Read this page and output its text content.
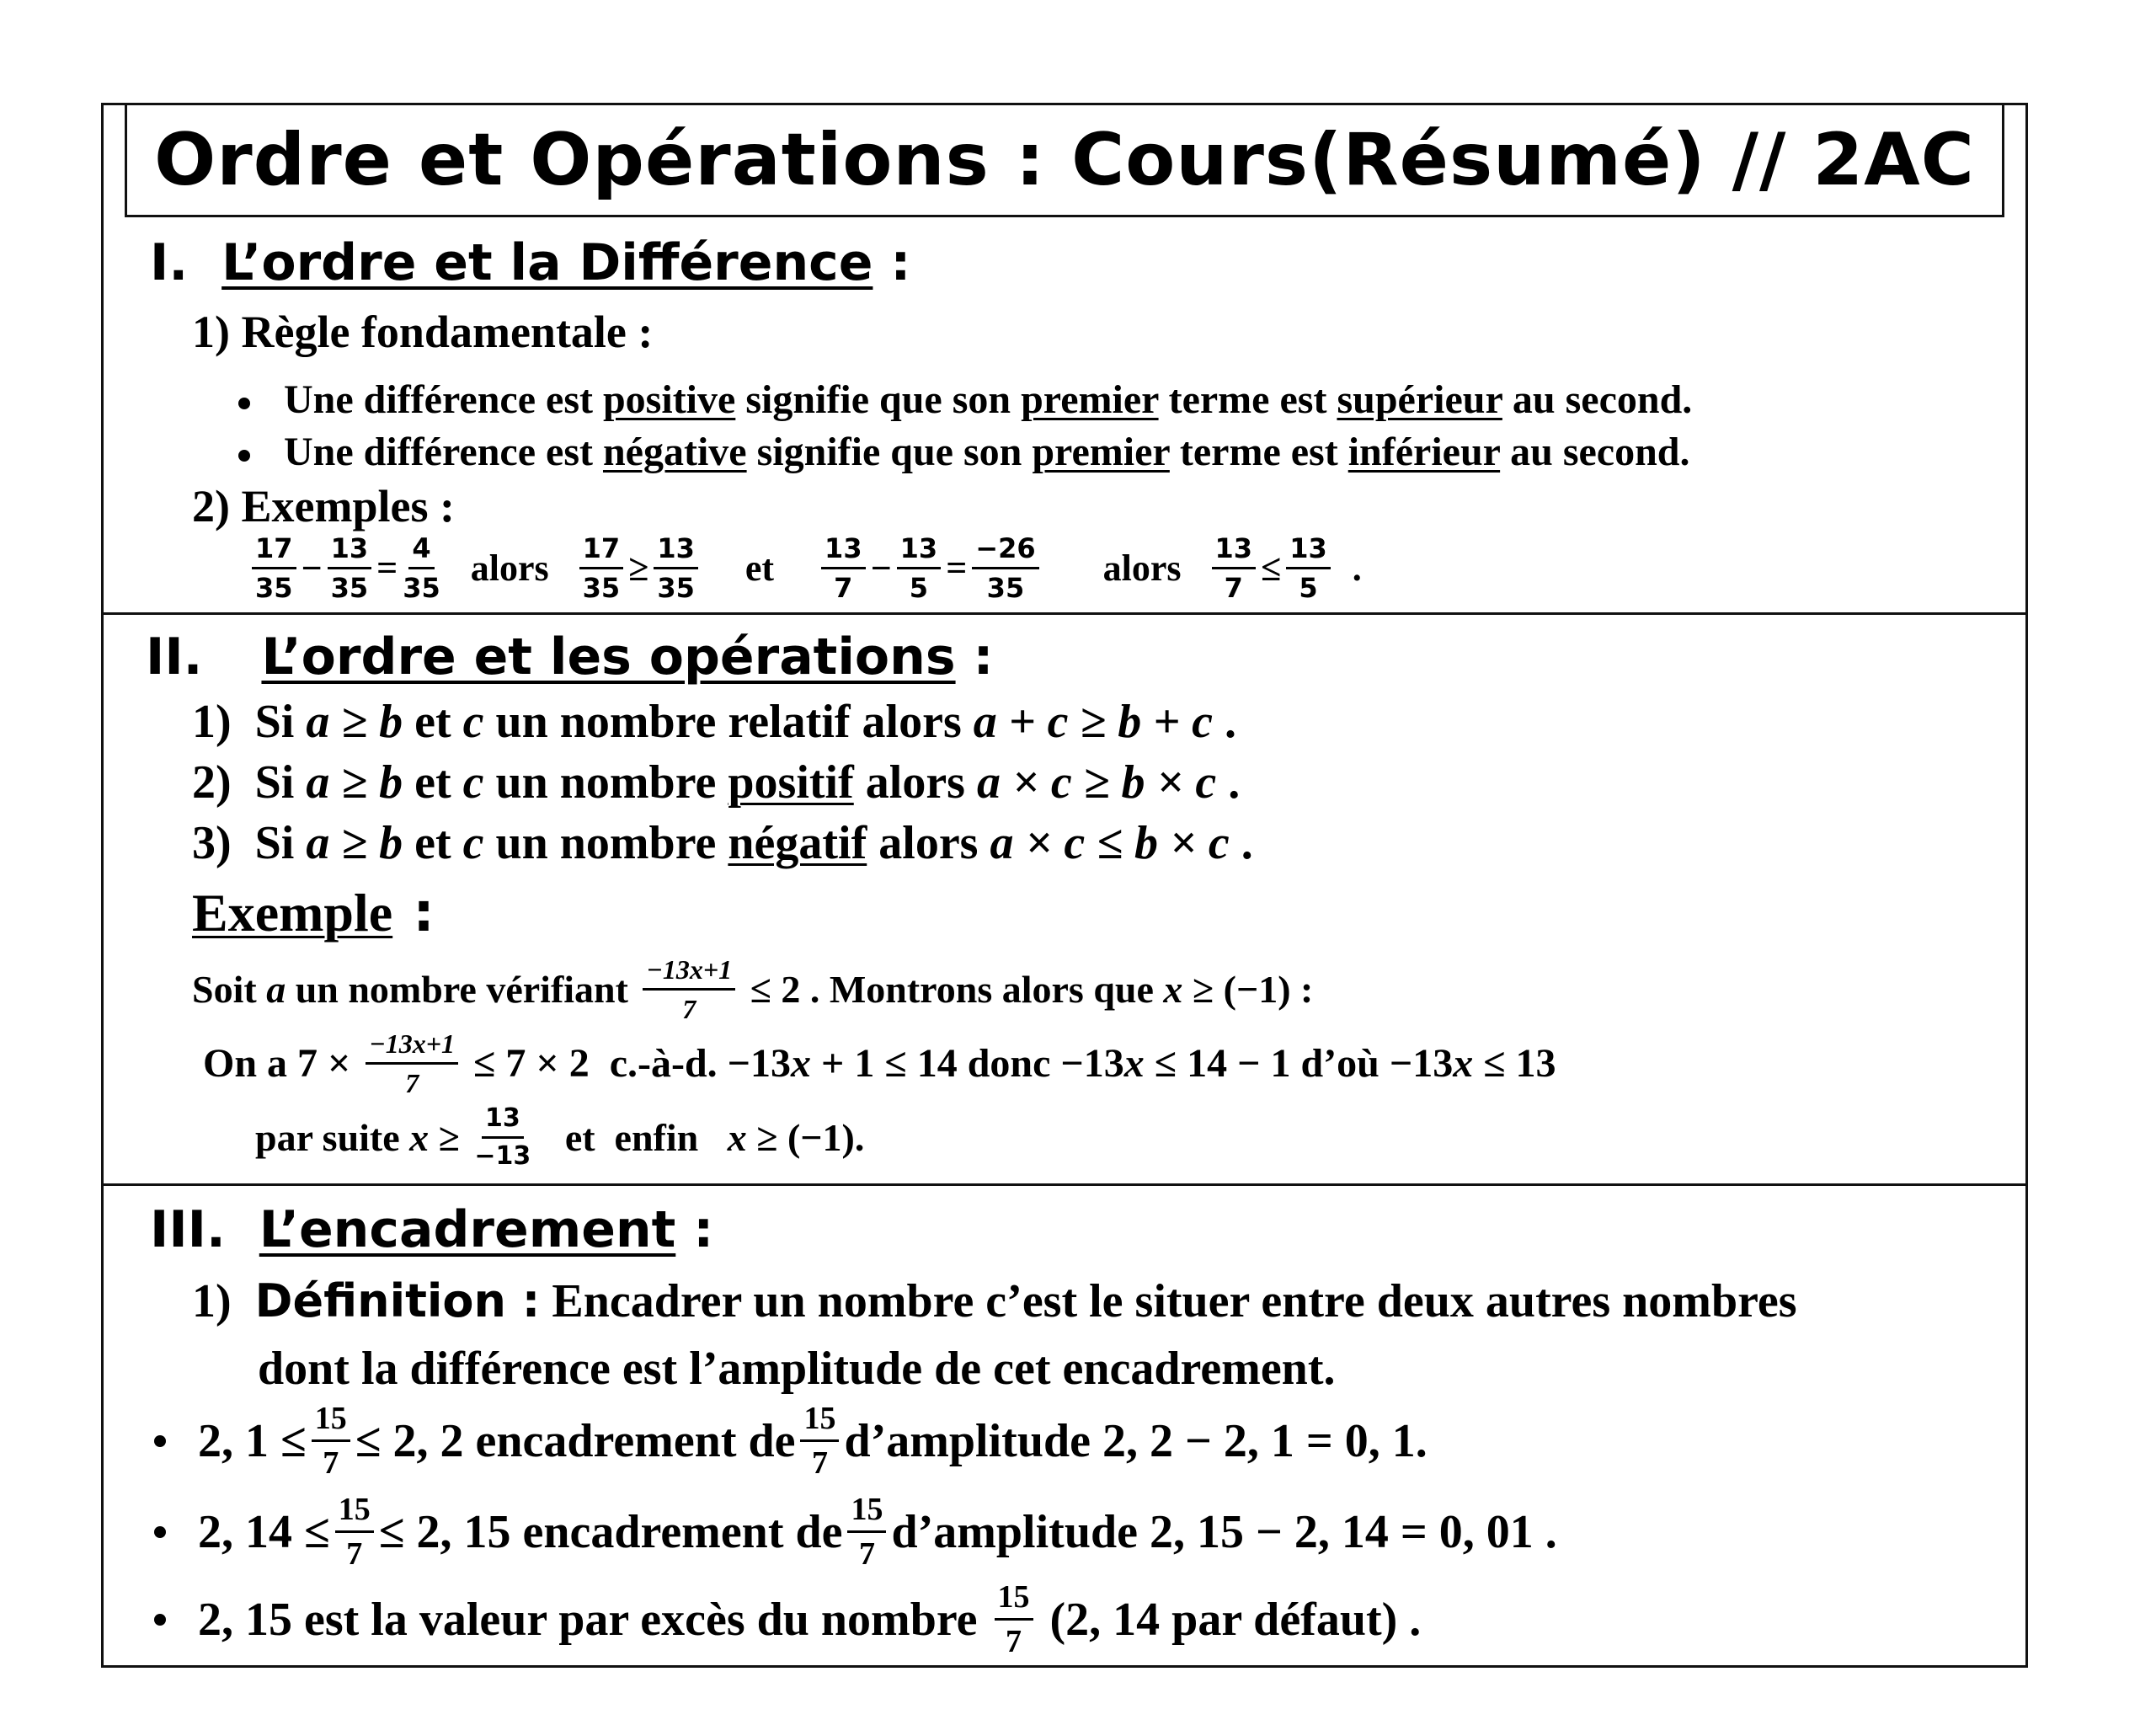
Ordre et Opérations : Cours(Résumé) // 2AC
I. L’ordre et la Différence :
1) Règle fondamentale :
Une différence est positive signifie que son premier terme est supérieur au second.
Une différence est négative signifie que son premier terme est inférieur au second.
2) Exemples :
$\frac{17}{35} - \frac{13}{35} = \frac{4}{35}$ alors $\frac{17}{35} \ge \frac{13}{35}$ et $\frac{13}{7} - \frac{13}{5} = \frac{-26}{35}$ alors $\frac{13}{7} \le \frac{13}{5}$ .
II. L’ordre et les opérations :
1) Si a ≥ b et c un nombre relatif alors a + c ≥ b + c .
2) Si a ≥ b et c un nombre positif alors a × c ≥ b × c .
3) Si a ≥ b et c un nombre négatif alors a × c ≤ b × c .
Exemple :
Soit
a un nombre vérifiant $\frac{-13x+1}{7} \le 2$ . Montrons alors que x ≥ (−1) :
On a $7 \times \frac{-13x+1}{7} \le 7 \times 2$  c.-à-d. −13 x + 1 ≤ 14 donc −13 x ≤ 14 − 1 d’où −13 x ≤ 13
par suite $x \ge \frac{13}{-13}$ et  enfin x ≥ (−1).
III. L’encadrement :
1) Définition : Encadrer un nombre c’est le situer entre deux autres nombres
dont la différence est l’amplitude de cet encadrement.
2, $1 \le \frac{15}{7} \le 2$, 2 encadrement de $\frac{15}{7}$ d’amplitude 2, 2 − 2, 1 = 0, 1.
2, $14 \le \frac{15}{7} \le 2$, 15 encadrement de $\frac{15}{7}$ d’amplitude 2, 15 − 2, 14 = 0, 01 .
2, 15 est la valeur par excès du nombre $\frac{15}{7} (2$, 14 par défaut) .
